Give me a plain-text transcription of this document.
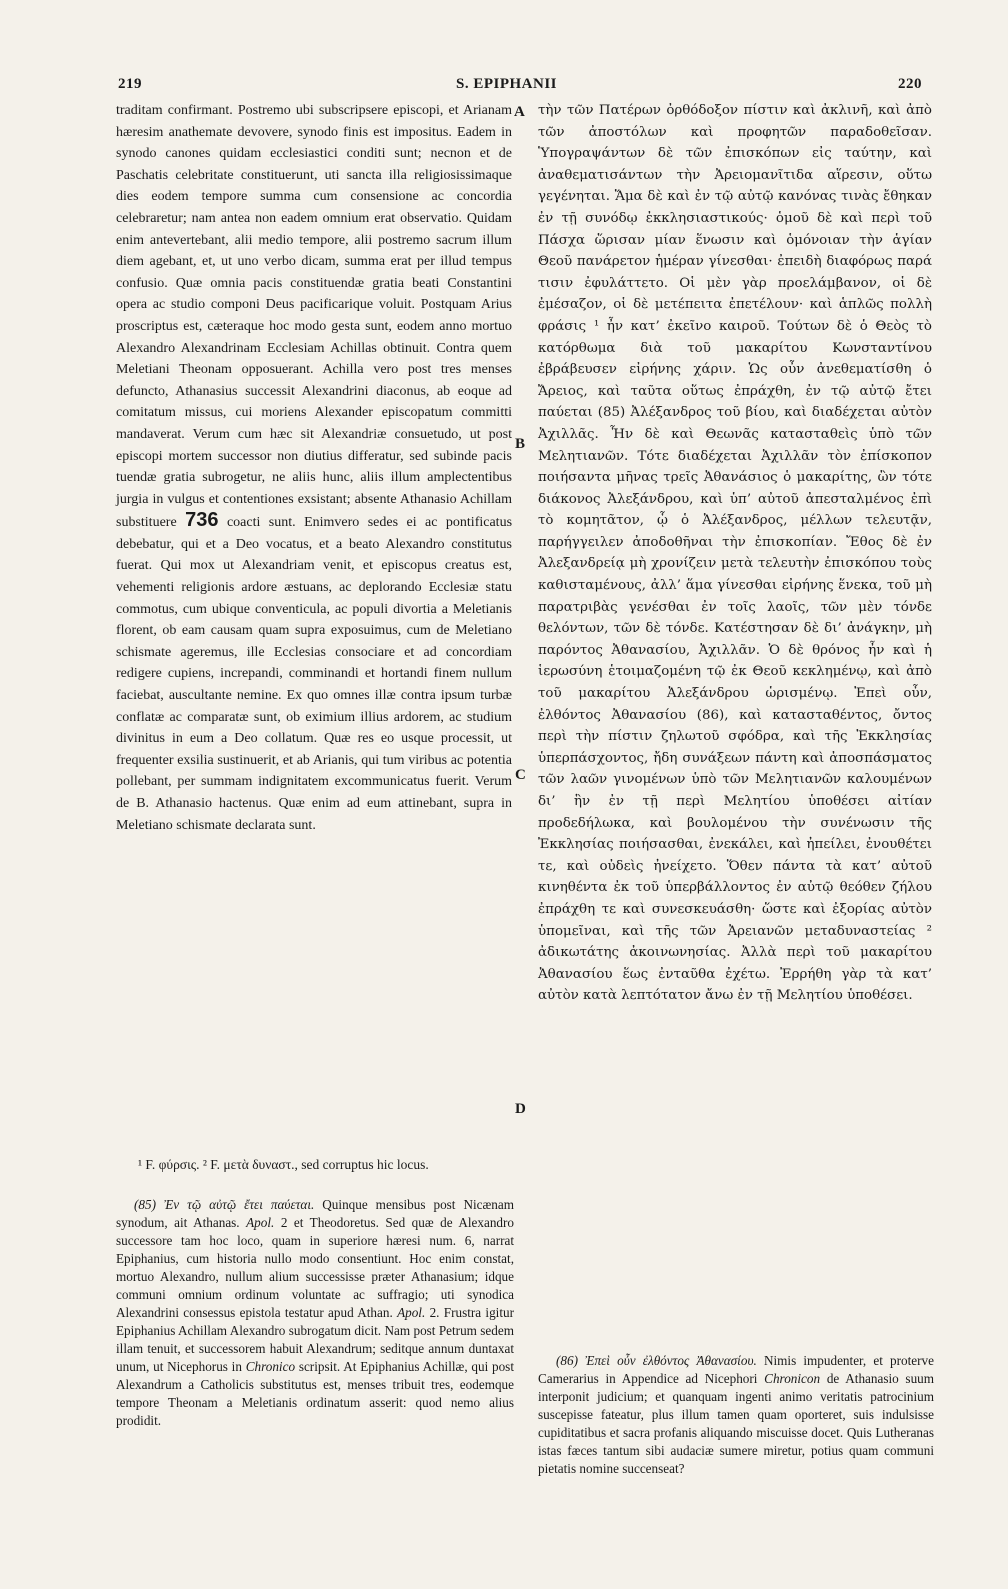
219	S. EPIPHANII	220

traditam confirmant. Postremo ubi subscripsere episcopi, et Arianam hæresim anathemate devovere, synodo finis est impositus. Eadem in synodo canones quidam ecclesiastici conditi sunt; necnon et de Paschatis celebritate constituerunt, uti sancta illa religiosissimaque dies eodem tempore summa cum consensione ac concordia celebraretur; nam antea non eadem omnium erat observatio. Quidam enim antevertebant, alii medio tempore, alii postremo sacrum illum diem agebant, et, ut uno verbo dicam, summa erat per illud tempus confusio. Quæ omnia pacis constituendæ gratia beati Constantini opera ac studio componi Deus pacificarique voluit. Postquam Arius proscriptus est, cæteraque hoc modo gesta sunt, eodem anno mortuo Alexandro Alexandrinam Ecclesiam Achillas obtinuit. Contra quem Meletiani Theonam opposuerant. Achilla vero post tres menses defuncto, Athanasius successit Alexandrini diaconus, ab eoque ad comitatum missus, cui moriens Alexander episcopatum committi mandaverat. Verum cum hæc sit Alexandriæ consuetudo, ut post episcopi mortem successor non diutius differatur, sed subinde pacis tuendæ gratia subrogetur, ne aliis hunc, aliis illum amplectentibus jurgia in vulgus et contentiones exsistant; absente Athanasio Achillam substituere 736 coacti sunt. Enimvero sedes ei ac pontificatus debebatur, qui et a Deo vocatus, et a beato Alexandro constitutus fuerat. Qui mox ut Alexandriam venit, et episcopus creatus est, vehementi religionis ardore æstuans, ac deplorando Ecclesiæ statu commotus, cum ubique conventicula, ac populi divortia a Meletianis florent, ob eam causam quam supra exposuimus, cum de Meletiano schismate ageremus, ille Ecclesias consociare et ad concordiam redigere cupiens, increpandi, comminandi et hortandi finem nullum faciebat, auscultante nemine. Ex quo omnes illæ contra ipsum turbæ conflatæ ac comparatæ sunt, ob eximium illius ardorem, ac studium divinitus in eum a Deo collatum. Quæ res eo usque processit, ut frequenter exsilia sustinuerit, et ab Arianis, qui tum viribus ac potentia pollebant, per summam indignitatem excommunicatus fuerit. Verum de B. Athanasio hactenus. Quæ enim ad eum attinebant, supra in Meletiano schismate declarata sunt.

A
B
C
D

τὴν τῶν Πατέρων ὀρθόδοξον πίστιν καὶ ἀκλινῆ, καὶ ἀπὸ τῶν ἀποστόλων καὶ προφητῶν παραδοθεῖσαν. Ὑπογραψάντων δὲ τῶν ἐπισκόπων εἰς ταύτην, καὶ ἀναθεματισάντων τὴν Ἀρειομανῖτιδα αἵρεσιν, οὕτω γεγένηται. Ἅμα δὲ καὶ ἐν τῷ αὐτῷ κανόνας τινὰς ἔθηκαν ἐν τῇ συνόδῳ ἐκκλησιαστικούς· ὁμοῦ δὲ καὶ περὶ τοῦ Πάσχα ὥρισαν μίαν ἕνωσιν καὶ ὁμόνοιαν τὴν ἁγίαν Θεοῦ πανάρετον ἡμέραν γίνεσθαι· ἐπειδὴ διαφόρως παρά τισιν ἐφυλάττετο. Οἱ μὲν γὰρ προελάμβανον, οἱ δὲ ἐμέσαζον, οἱ δὲ μετέπειτα ἐπετέλουν· καὶ ἁπλῶς πολλὴ φράσις ¹ ἦν κατ’ ἐκεῖνο καιροῦ. Τούτων δὲ ὁ Θεὸς τὸ κατόρθωμα διὰ τοῦ μακαρίτου Κωνσταντίνου ἐβράβευσεν εἰρήνης χάριν. Ὡς οὖν ἀνεθεματίσθη ὁ Ἄρειος, καὶ ταῦτα οὕτως ἐπράχθη, ἐν τῷ αὐτῷ ἔτει παύεται (85) Ἀλέξανδρος τοῦ βίου, καὶ διαδέχεται αὐτὸν Ἀχιλλᾶς. Ἦν δὲ καὶ Θεωνᾶς κατασταθεὶς ὑπὸ τῶν Μελητιανῶν. Τότε διαδέχεται Ἀχιλλᾶν τὸν ἐπίσκοπον ποιήσαντα μῆνας τρεῖς Ἀθανάσιος ὁ μακαρίτης, ὢν τότε διάκονος Ἀλεξάνδρου, καὶ ὑπ’ αὐτοῦ ἀπεσταλμένος ἐπὶ τὸ κομητᾶτον, ᾧ ὁ Ἀλέξανδρος, μέλλων τελευτᾷν, παρήγγειλεν ἀποδοθῆναι τὴν ἐπισκοπίαν. Ἔθος δὲ ἐν Ἀλεξανδρείᾳ μὴ χρονίζειν μετὰ τελευτὴν ἐπισκόπου τοὺς καθισταμένους, ἀλλ’ ἅμα γίνεσθαι εἰρήνης ἕνεκα, τοῦ μὴ παρατριβὰς γενέσθαι ἐν τοῖς λαοῖς, τῶν μὲν τόνδε θελόντων, τῶν δὲ τόνδε. Κατέστησαν δὲ δι’ ἀνάγκην, μὴ παρόντος Ἀθανασίου, Ἀχιλλᾶν. Ὁ δὲ θρόνος ἦν καὶ ἡ ἱερωσύνη ἑτοιμαζομένη τῷ ἐκ Θεοῦ κεκλημένῳ, καὶ ἀπὸ τοῦ μακαρίτου Ἀλεξάνδρου ὡρισμένῳ. Ἐπεὶ οὖν, ἐλθόντος Ἀθανασίου (86), καὶ κατασταθέντος, ὄντος περὶ τὴν πίστιν ζηλωτοῦ σφόδρα, καὶ τῆς Ἐκκλησίας ὑπερπάσχοντος, ἤδη συνάξεων πάντη καὶ ἀποσπάσματος τῶν λαῶν γινομένων ὑπὸ τῶν Μελητιανῶν καλουμένων δι’ ἣν ἐν τῇ περὶ Μελητίου ὑποθέσει αἰτίαν προδεδήλωκα, καὶ βουλομένου τὴν συνένωσιν τῆς Ἐκκλησίας ποιήσασθαι, ἐνεκάλει, καὶ ἠπείλει, ἐνουθέτει τε, καὶ οὐδεὶς ἠνείχετο. Ὅθεν πάντα τὰ κατ’ αὐτοῦ κινηθέντα ἐκ τοῦ ὑπερβάλλοντος ἐν αὐτῷ θεόθεν ζήλου ἐπράχθη τε καὶ συνεσκευάσθη· ὥστε καὶ ἐξορίας αὐτὸν ὑπομεῖναι, καὶ τῆς τῶν Ἀρειανῶν μεταδυναστείας ² ἀδικωτάτης ἀκοινωνησίας. Ἀλλὰ περὶ τοῦ μακαρίτου Ἀθανασίου ἕως ἐνταῦθα ἐχέτω. Ἐρρήθη γὰρ τὰ κατ’ αὐτὸν κατὰ λεπτότατον ἄνω ἐν τῇ Μελητίου ὑποθέσει.

¹ F. φύρσις. ² F. μετὰ δυναστ., sed corruptus hic locus.

(85) Ἐν τῷ αὐτῷ ἔτει παύεται. Quinque mensibus post Nicænam synodum, ait Athanas. Apol. 2 et Theodoretus. Sed quæ de Alexandro successore tam hoc loco, quam in superiore hæresi num. 6, narrat Epiphanius, cum historia nullo modo consentiunt. Hoc enim constat, mortuo Alexandro, nullum alium successisse præter Athanasium; idque communi omnium ordinum voluntate ac suffragio; uti synodica Alexandrini consessus epistola testatur apud Athan. Apol. 2. Frustra igitur Epiphanius Achillam Alexandro subrogatum dicit. Nam post Petrum sedem illam tenuit, et successorem habuit Alexandrum; seditque annum duntaxat unum, ut Nicephorus in Chronico scripsit. At Epiphanius Achillæ, qui post Alexandrum a Catholicis substitutus est, menses tribuit tres, eodemque tempore Theonam a Meletianis ordinatum asserit: quod nemo alius prodidit.

(86) Ἐπεὶ οὖν ἐλθόντος Ἀθανασίου. Nimis impudenter, et proterve Camerarius in Appendice ad Nicephori Chronicon de Athanasio suum interponit judicium; et quanquam ingenti animo veritatis patrocinium suscepisse fateatur, plus illum tamen quam oporteret, suis indulsisse cupiditatibus et sacra profanis aliquando miscuisse docet. Quis Lutheranas istas fæces tantum sibi audaciæ sumere miretur, potius quam communi pietatis nomine succenseat?
